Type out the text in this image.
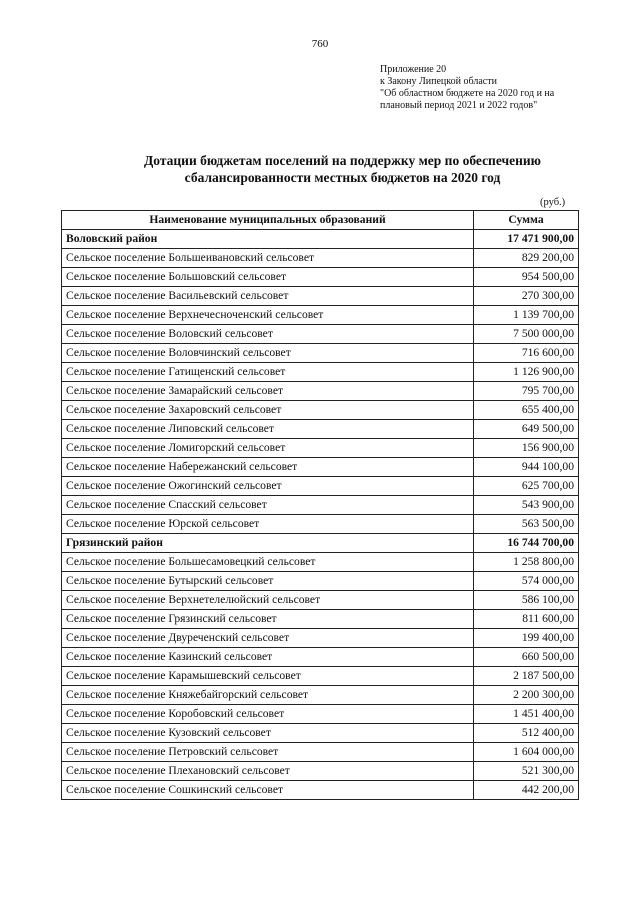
760
Приложение 20
к Закону Липецкой области
"Об областном бюджете на 2020 год и на
плановый период 2021 и 2022 годов"
Дотации бюджетам поселений на поддержку мер по обеспечению
сбалансированности местных бюджетов на 2020 год
(руб.)
Наименование муниципальных образований	Сумма
Воловский район	17 471 900,00
Сельское поселение Большеивановский сельсовет	829 200,00
Сельское поселение Большовский сельсовет	954 500,00
Сельское поселение Васильевский сельсовет	270 300,00
Сельское поселение Верхнечесноченский сельсовет	1 139 700,00
Сельское поселение Воловский сельсовет	7 500 000,00
Сельское поселение Воловчинский сельсовет	716 600,00
Сельское поселение Гатищенский сельсовет	1 126 900,00
Сельское поселение Замарайский сельсовет	795 700,00
Сельское поселение Захаровский сельсовет	655 400,00
Сельское поселение Липовский сельсовет	649 500,00
Сельское поселение Ломигорский сельсовет	156 900,00
Сельское поселение Набережанский сельсовет	944 100,00
Сельское поселение Ожогинский сельсовет	625 700,00
Сельское поселение Спасский сельсовет	543 900,00
Сельское поселение Юрской сельсовет	563 500,00
Грязинский район	16 744 700,00
Сельское поселение Большесамовецкий сельсовет	1 258 800,00
Сельское поселение Бутырский сельсовет	574 000,00
Сельское поселение Верхнетелелюйский сельсовет	586 100,00
Сельское поселение Грязинский сельсовет	811 600,00
Сельское поселение Двуреченский сельсовет	199 400,00
Сельское поселение Казинский сельсовет	660 500,00
Сельское поселение Карамышевский сельсовет	2 187 500,00
Сельское поселение Княжебайгорский сельсовет	2 200 300,00
Сельское поселение Коробовский сельсовет	1 451 400,00
Сельское поселение Кузовский сельсовет	512 400,00
Сельское поселение Петровский сельсовет	1 604 000,00
Сельское поселение Плехановский сельсовет	521 300,00
Сельское поселение Сошкинский сельсовет	442 200,00
